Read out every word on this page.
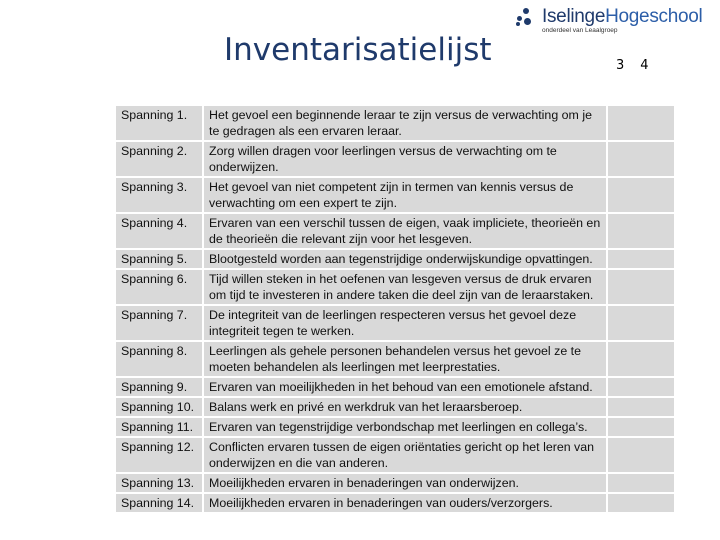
IselingeHogeschool
onderdeel van Leaalgroep
Inventarisatielijst	3 4
Spanning 1.	Het gevoel een beginnende leraar te zijn versus de verwachting om je te gedragen als een ervaren leraar.	
Spanning 2.	Zorg willen dragen voor leerlingen versus de verwachting om te onderwijzen.	
Spanning 3.	Het gevoel van niet competent zijn in termen van kennis versus de verwachting om een expert te zijn.	
Spanning 4.	Ervaren van een verschil tussen de eigen, vaak impliciete, theorieën en de theorieën die relevant zijn voor het lesgeven.	
Spanning 5.	Blootgesteld worden aan tegenstrijdige onderwijskundige opvattingen.	
Spanning 6.	Tijd willen steken in het oefenen van lesgeven versus de druk ervaren om tijd te investeren in andere taken die deel zijn van de leraarstaken.	
Spanning 7.	De integriteit van de leerlingen respecteren versus het gevoel deze integriteit tegen te werken.	
Spanning 8.	Leerlingen als gehele personen behandelen versus het gevoel ze te moeten behandelen als leerlingen met leerprestaties.	
Spanning 9.	Ervaren van moeilijkheden in het behoud van een emotionele afstand.	
Spanning 10.	Balans werk en privé en werkdruk van het leraarsberoep.	
Spanning 11.	Ervaren van tegenstrijdige verbondschap met leerlingen en collega’s.	
Spanning 12.	Conflicten ervaren tussen de eigen oriëntaties gericht op het leren van onderwijzen en die van anderen.	
Spanning 13.	Moeilijkheden ervaren in benaderingen van onderwijzen.	
Spanning 14.	Moeilijkheden ervaren in benaderingen van ouders/verzorgers.	
